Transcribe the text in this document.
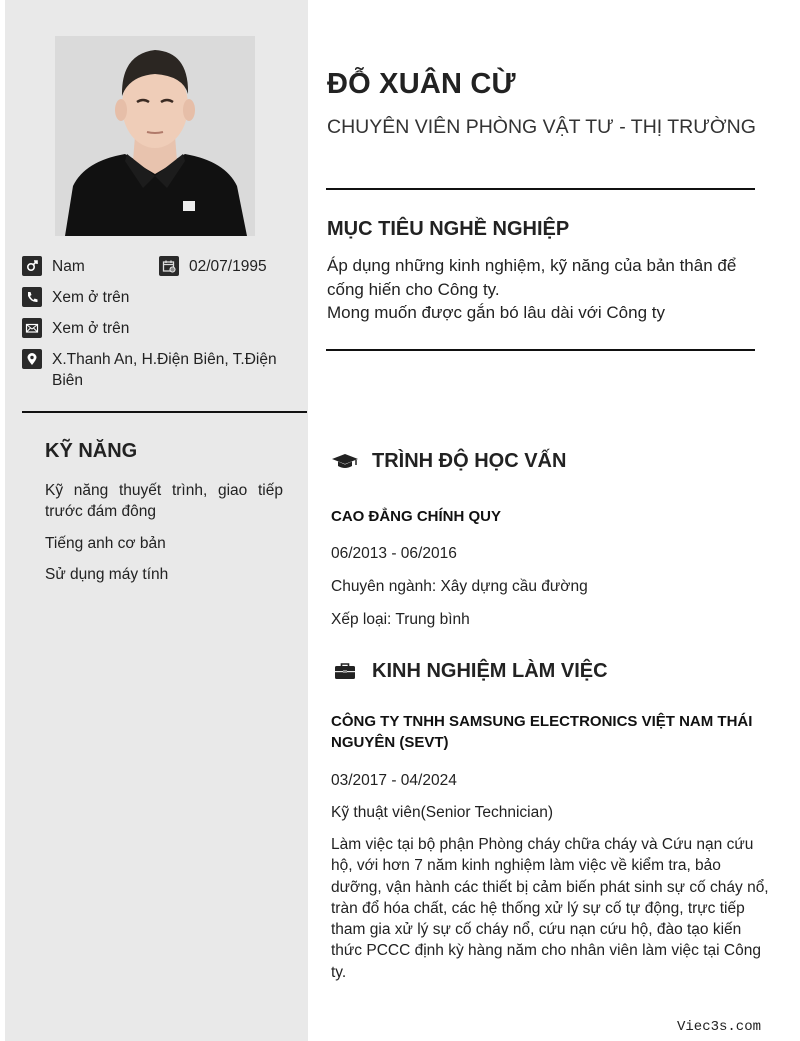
Nam	02/07/1995
Xem ở trên
Xem ở trên
X.Thanh An, H.Điện Biên, T.Điện Biên
KỸ NĂNG
Kỹ năng thuyết trình, giao tiếp trước đám đông
Tiếng anh cơ bản
Sử dụng máy tính
ĐỖ XUÂN CỪ
CHUYÊN VIÊN PHÒNG VẬT TƯ - THỊ TRƯỜNG
MỤC TIÊU NGHỀ NGHIỆP
Áp dụng những kinh nghiệm, kỹ năng của bản thân để cống hiến cho Công ty.
Mong muốn được gắn bó lâu dài với Công ty
TRÌNH ĐỘ HỌC VẤN
CAO ĐẲNG CHÍNH QUY
06/2013 - 06/2016
Chuyên ngành: Xây dựng cầu đường
Xếp loại: Trung bình
KINH NGHIỆM LÀM VIỆC
CÔNG TY TNHH SAMSUNG ELECTRONICS VIỆT NAM THÁI NGUYÊN (SEVT)
03/2017 - 04/2024
Kỹ thuật viên(Senior Technician)
Làm việc tại bộ phận Phòng cháy chữa cháy và Cứu nạn cứu hộ, với hơn 7 năm kinh nghiệm làm việc về kiểm tra, bảo dưỡng, vận hành các thiết bị cảm biến phát sinh sự cố cháy nổ, tràn đổ hóa chất, các hệ thống xử lý sự cố tự động, trực tiếp tham gia xử lý sự cố cháy nổ, cứu nạn cứu hộ, đào tạo kiến thức PCCC định kỳ hàng năm cho nhân viên làm việc tại Công ty.
Viec3s.com
